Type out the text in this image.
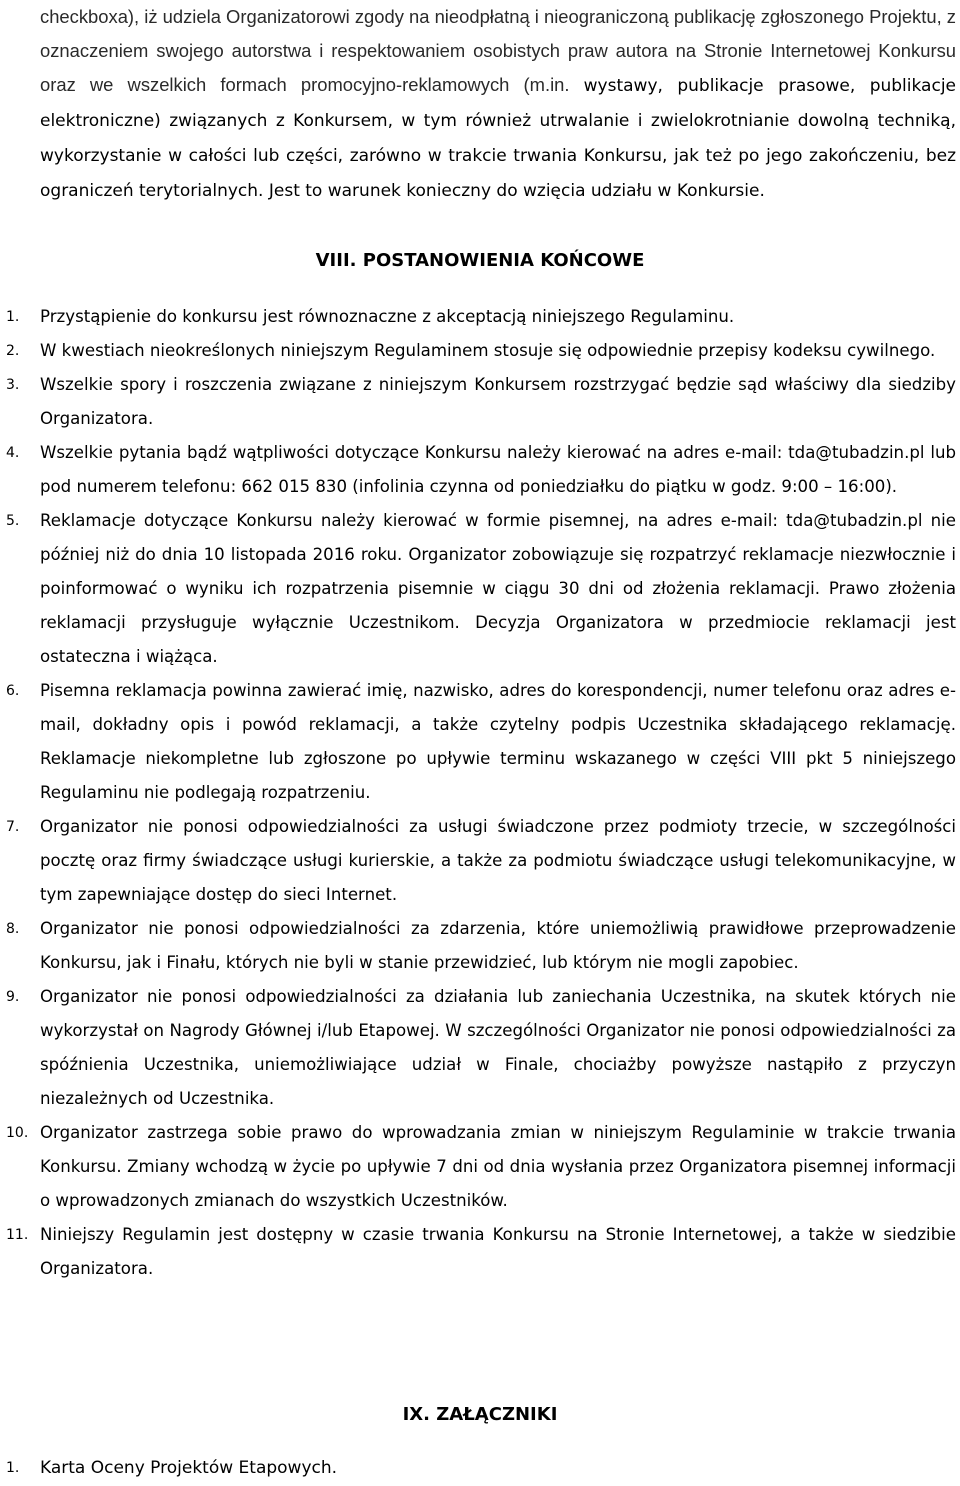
checkboxa), iż udziela Organizatorowi zgody na nieodpłatną i nieograniczoną publikację zgłoszonego Projektu, z oznaczeniem swojego autorstwa i respektowaniem osobistych praw autora na Stronie Internetowej Konkursu oraz we wszelkich formach promocyjno-reklamowych (m.in. wystawy, publikacje prasowe, publikacje elektroniczne) związanych z Konkursem, w tym również utrwalanie i zwielokrotnianie dowolną techniką, wykorzystanie w całości lub części, zarówno w trakcie trwania Konkursu, jak też po jego zakończeniu, bez ograniczeń terytorialnych. Jest to warunek konieczny do wzięcia udziału w Konkursie.

VIII. POSTANOWIENIA KOŃCOWE
1. Przystąpienie do konkursu jest równoznaczne z akceptacją niniejszego Regulaminu.
2. W kwestiach nieokreślonych niniejszym Regulaminem stosuje się odpowiednie przepisy kodeksu cywilnego.
3. Wszelkie spory i roszczenia związane z niniejszym Konkursem rozstrzygać będzie sąd właściwy dla siedziby Organizatora.
4. Wszelkie pytania bądź wątpliwości dotyczące Konkursu należy kierować na adres e-mail: tda@tubadzin.pl lub pod numerem telefonu: 662 015 830 (infolinia czynna od poniedziałku do piątku w godz. 9:00 – 16:00).
5. Reklamacje dotyczące Konkursu należy kierować w formie pisemnej, na adres e-mail: tda@tubadzin.pl nie później niż do dnia 10 listopada 2016 roku. Organizator zobowiązuje się rozpatrzyć reklamacje niezwłocznie i poinformować o wyniku ich rozpatrzenia pisemnie w ciągu 30 dni od złożenia reklamacji. Prawo złożenia reklamacji przysługuje wyłącznie Uczestnikom. Decyzja Organizatora w przedmiocie reklamacji jest ostateczna i wiążąca.
6. Pisemna reklamacja powinna zawierać imię, nazwisko, adres do korespondencji, numer telefonu oraz adres e-mail, dokładny opis i powód reklamacji, a także czytelny podpis Uczestnika składającego reklamację. Reklamacje niekompletne lub zgłoszone po upływie terminu wskazanego w części VIII pkt 5 niniejszego Regulaminu nie podlegają rozpatrzeniu.
7. Organizator nie ponosi odpowiedzialności za usługi świadczone przez podmioty trzecie, w szczególności pocztę oraz firmy świadczące usługi kurierskie, a także za podmiotu świadczące usługi telekomunikacyjne, w tym zapewniające dostęp do sieci Internet.
8. Organizator nie ponosi odpowiedzialności za zdarzenia, które uniemożliwią prawidłowe przeprowadzenie Konkursu, jak i Finału, których nie byli w stanie przewidzieć, lub którym nie mogli zapobiec.
9. Organizator nie ponosi odpowiedzialności za działania lub zaniechania Uczestnika, na skutek których nie wykorzystał on Nagrody Głównej i/lub Etapowej. W szczególności Organizator nie ponosi odpowiedzialności za spóźnienia Uczestnika, uniemożliwiające udział w Finale, chociażby powyższe nastąpiło z przyczyn niezależnych od Uczestnika.
10. Organizator zastrzega sobie prawo do wprowadzania zmian w niniejszym Regulaminie w trakcie trwania Konkursu. Zmiany wchodzą w życie po upływie 7 dni od dnia wysłania przez Organizatora pisemnej informacji o wprowadzonych zmianach do wszystkich Uczestników.
11. Niniejszy Regulamin jest dostępny w czasie trwania Konkursu na Stronie Internetowej, a także w siedzibie Organizatora.
IX. ZAŁĄCZNIKI
1. Karta Oceny Projektów Etapowych.
